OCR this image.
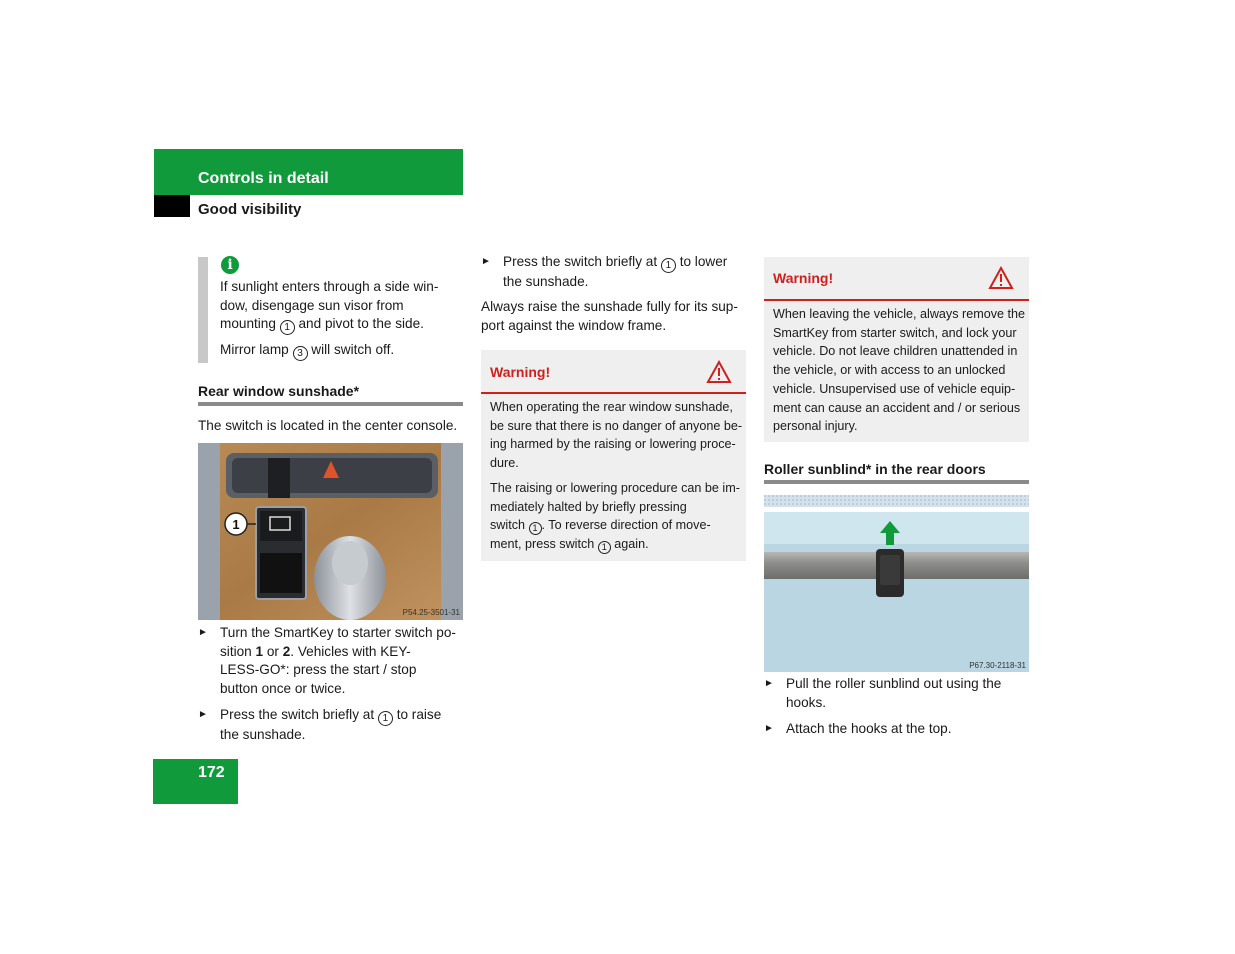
Controls in detail
Good visibility
i
If sunlight enters through a side win-
dow, disengage sun visor from
mounting 1 and pivot to the side.
Mirror lamp 3 will switch off.
Rear window sunshade*
The switch is located in the center console.
1
P54.25-3501-31
► Turn the SmartKey to starter switch po-
sition 1 or 2. Vehicles with KEY-
LESS-GO*: press the start / stop
button once or twice.
► Press the switch briefly at 1 to raise
the sunshade.
► Press the switch briefly at 1 to lower
the sunshade.
Always raise the sunshade fully for its sup-
port against the window frame.
Warning!
When operating the rear window sunshade,
be sure that there is no danger of anyone be-
ing harmed by the raising or lowering proce-
dure.
The raising or lowering procedure can be im-
mediately halted by briefly pressing
switch 1 . To reverse direction of move-
ment, press switch 1 again.
Warning!
When leaving the vehicle, always remove the
SmartKey from starter switch, and lock your
vehicle. Do not leave children unattended in
the vehicle, or with access to an unlocked
vehicle. Unsupervised use of vehicle equip-
ment can cause an accident and / or serious
personal injury.
Roller sunblind* in the rear doors
P67.30-2118-31
► Pull the roller sunblind out using the
hooks.
► Attach the hooks at the top.
172
